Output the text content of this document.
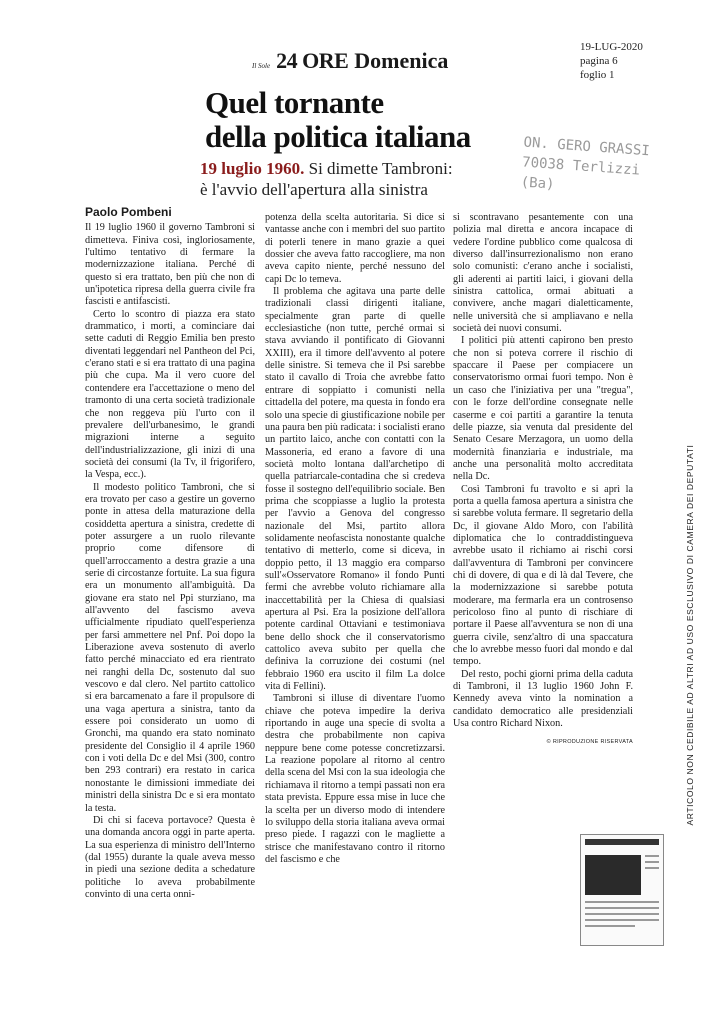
Il Sole 24 ORE Domenica
19-LUG-2020
pagina 6
foglio 1
Quel tornante
della politica italiana
19 luglio 1960. Si dimette Tambroni:
è l'avvio dell'apertura alla sinistra
ON. GERO GRASSI
70038 Terlizzi (Ba)
Paolo Pombeni

Il 19 luglio 1960 il governo Tambroni si dimetteva. Finiva così, ingloriosamente, l'ultimo tentativo di fermare la modernizzazione italiana. Perché di questo si era trattato, ben più che non di un'ipotetica ripresa della guerra civile fra fascisti e antifascisti.

Certo lo scontro di piazza era stato drammatico, i morti, a cominciare dai sette caduti di Reggio Emilia ben presto diventati leggendari nel Pantheon del Pci, c'erano stati e si era trattato di una pagina più che cupa. Ma il vero cuore del contendere era l'accettazione o meno del tramonto di una certa società tradizionale che non reggeva più l'urto con il prevalere dell'urbanesimo, le grandi migrazioni interne a seguito dell'industrializzazione, gli inizi di una società dei consumi (la Tv, il frigorifero, la Vespa, ecc.).

Il modesto politico Tambroni, che si era trovato per caso a gestire un governo ponte in attesa della maturazione della cosiddetta apertura a sinistra, credette di poter assurgere a un ruolo rilevante proprio come difensore di quell'arroccamento a destra grazie a una serie di circostanze fortuite. La sua figura era un monumento all'ambiguità. Da giovane era stato nel Ppi sturziano, ma all'avvento del fascismo aveva ufficialmente ripudiato quell'esperienza per farsi ammettere nel Pnf. Poi dopo la Liberazione aveva sostenuto di averlo fatto perché minacciato ed era rientrato nei ranghi della Dc, sostenuto dal suo vescovo e dal clero. Nel partito cattolico si era barcamenato a fare il propulsore di una vaga apertura a sinistra, tanto da essere poi considerato un uomo di Gronchi, ma quando era stato nominato presidente del Consiglio il 4 aprile 1960 con i voti della Dc e del Msi (300, contro ben 293 contrari) era restato in carica nonostante le dimissioni immediate dei ministri della sinistra Dc e si era montato la testa.

Di chi si faceva portavoce? Questa è una domanda ancora oggi in parte aperta. La sua esperienza di ministro dell'Interno (dal 1955) durante la quale aveva messo in piedi una sezione dedita a schedature politiche lo aveva probabilmente convinto di una certa onni-

potenza della scelta autoritaria. Si dice si vantasse anche con i membri del suo partito di poterli tenere in mano grazie a quei dossier che aveva fatto raccogliere, ma non aveva capito niente, perché nessuno del capi Dc lo temeva.

Il problema che agitava una parte delle tradizionali classi dirigenti italiane, specialmente gran parte di quelle ecclesiastiche (non tutte, perché ormai si stava avviando il pontificato di Giovanni XXIII), era il timore dell'avvento al potere delle sinistre. Si temeva che il Psi sarebbe stato il cavallo di Troia che avrebbe fatto entrare di soppiatto i comunisti nella cittadella del potere, ma questa in fondo era solo una specie di giustificazione nobile per una paura ben più radicata: i socialisti erano un partito laico, anche con contatti con la Massoneria, ed erano a favore di una società molto lontana dall'archetipo di quella patriarcale-contadina che si credeva fosse il sostegno dell'equilibrio sociale. Ben prima che scoppiasse a luglio la protesta per l'avvio a Genova del congresso nazionale del Msi, partito allora solidamente neofascista nonostante qualche tentativo di metterlo, come si diceva, in doppio petto, il 13 maggio era comparso sull'«Osservatore Romano» il fondo Punti fermi che avrebbe voluto richiamare alla inaccettabilità per la Chiesa di qualsiasi apertura al Psi. Era la posizione dell'allora potente cardinal Ottaviani e testimoniava bene dello shock che il conservatorismo cattolico aveva subito per quella che definiva la corruzione dei costumi (nel febbraio 1960 era uscito il film La dolce vita di Fellini).

Tambroni si illuse di diventare l'uomo chiave che poteva impedire la deriva riportando in auge una specie di svolta a destra che probabilmente non capiva neppure bene come potesse concretizzarsi. La reazione popolare al ritorno al centro della scena del Msi con la sua ideologia che richiamava il ritorno a tempi passati non era stata prevista. Eppure essa mise in luce che la scelta per un diverso modo di intendere lo sviluppo della storia italiana aveva ormai preso piede. I ragazzi con le magliette a strisce che manifestavano contro il ritorno del fascismo e che

si scontravano pesantemente con una polizia mal diretta e ancora incapace di vedere l'ordine pubblico come qualcosa di diverso dall'insurrezionalismo non erano solo comunisti: c'erano anche i socialisti, gli aderenti ai partiti laici, i giovani della sinistra cattolica, ormai abituati a convivere, anche magari dialetticamente, nelle università che si ampliavano e nella società dei nuovi consumi.

I politici più attenti capirono ben presto che non si poteva correre il rischio di spaccare il Paese per compiacere un conservatorismo ormai fuori tempo. Non è un caso che l'iniziativa per una "tregua", con le forze dell'ordine consegnate nelle caserme e coi partiti a garantire la tenuta delle piazze, sia venuta dal presidente del Senato Cesare Merzagora, un uomo della modernità finanziaria e industriale, ma anche una personalità molto accreditata nella Dc.

Così Tambroni fu travolto e si aprì la porta a quella famosa apertura a sinistra che si sarebbe voluta fermare. Il segretario della Dc, il giovane Aldo Moro, con l'abilità diplomatica che lo contraddistingueva avrebbe usato il richiamo ai rischi corsi dall'avventura di Tambroni per convincere chi di dovere, di qua e di là dal Tevere, che la modernizzazione si sarebbe potuta moderare, ma fermarla era un controsenso pericoloso fino al punto di rischiare di portare il Paese all'avventura se non di una guerra civile, senz'altro di una spaccatura che lo avrebbe messo fuori dal mondo e dal tempo.

Del resto, pochi giorni prima della caduta di Tambroni, il 13 luglio 1960 John F. Kennedy aveva vinto la nomination a candidato democratico alle presidenziali Usa contro Richard Nixon.

© RIPRODUZIONE RISERVATA	ARTICOLO NON CEDIBILE AD ALTRI AD USO ESCLUSIVO DI CAMERA DEI DEPUTATI
